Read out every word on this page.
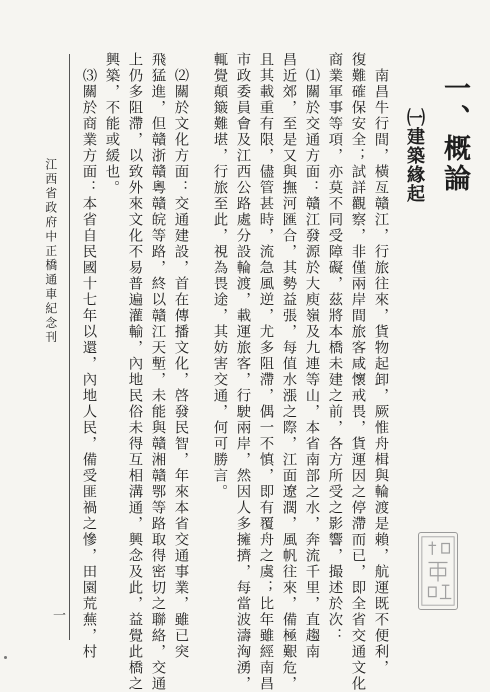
一、概論
㈠建築緣起
　南昌牛行間，橫亙贛江，行旅往來，貨物起卸，厥惟舟楫與輪渡是賴，航運既不便利，
復難確保安全；試詳觀察，非僅兩岸間旅客咸懷戒畏，貨運因之停滯而已，即全省交通文化
商業軍事等項，亦莫不同受障礙，茲將本橋未建之前，各方所受之影響，撮述於次：
　⑴關於交通方面：贛江發源於大庾嶺及九連等山，本省南部之水，奔流千里，直趨南
昌近郊，至是又與撫河匯合，其勢益張，每值水漲之際，江面遼濶，風帆往來，備極艱危，
且其載重有限，儘管甚時，流急風逆，尤多阻滯，偶一不慎，即有覆舟之虞；比年雖經南昌
市政委員會及江西公路處分設輪渡，載運旅客，行駛兩岸，然因人多擁擠，每當波濤洶湧，
輒覺顛簸難堪，行旅至此，視為畏途，其妨害交通，何可勝言。
　⑵關於文化方面：交通建設，首在傳播文化，啓發民智，年來本省交通事業，雖已突
飛猛進，但贛浙贛粵贛皖等路，終以贛江天塹，未能與贛湘贛鄂等路取得密切之聯絡，交通
上仍多阻滯，以致外來文化不易普遍灌輸，內地民俗未得互相溝通，興念及此，益覺此橋之
興築，不能或緩也。
　⑶關於商業方面：本省自民國十七年以還，內地人民，備受匪禍之慘，田園荒蕪，村
江西省政府中正橋通車紀念刊
一
